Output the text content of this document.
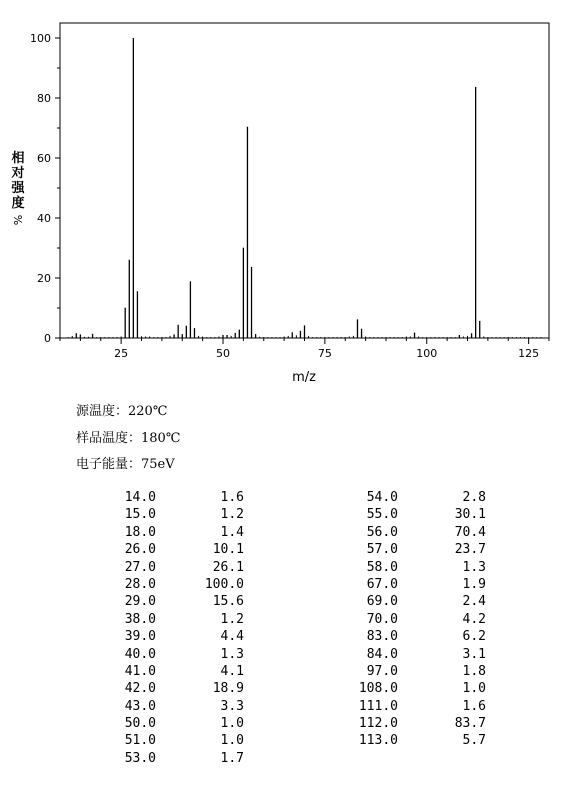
0
20
40
60
80
100
25	50	75	100	125
m/z
相
对
强
度
%
源温度：220℃
样品温度：180℃
电子能量：75eV
14.0	1.6
15.0	1.2
18.0	1.4
26.0	10.1
27.0	26.1
28.0	100.0
29.0	15.6
38.0	1.2
39.0	4.4
40.0	1.3
41.0	4.1
42.0	18.9
43.0	3.3
50.0	1.0
51.0	1.0
53.0	1.7
54.0	2.8
55.0	30.1
56.0	70.4
57.0	23.7
58.0	1.3
67.0	1.9
69.0	2.4
70.0	4.2
83.0	6.2
84.0	3.1
97.0	1.8
108.0	1.0
111.0	1.6
112.0	83.7
113.0	5.7
